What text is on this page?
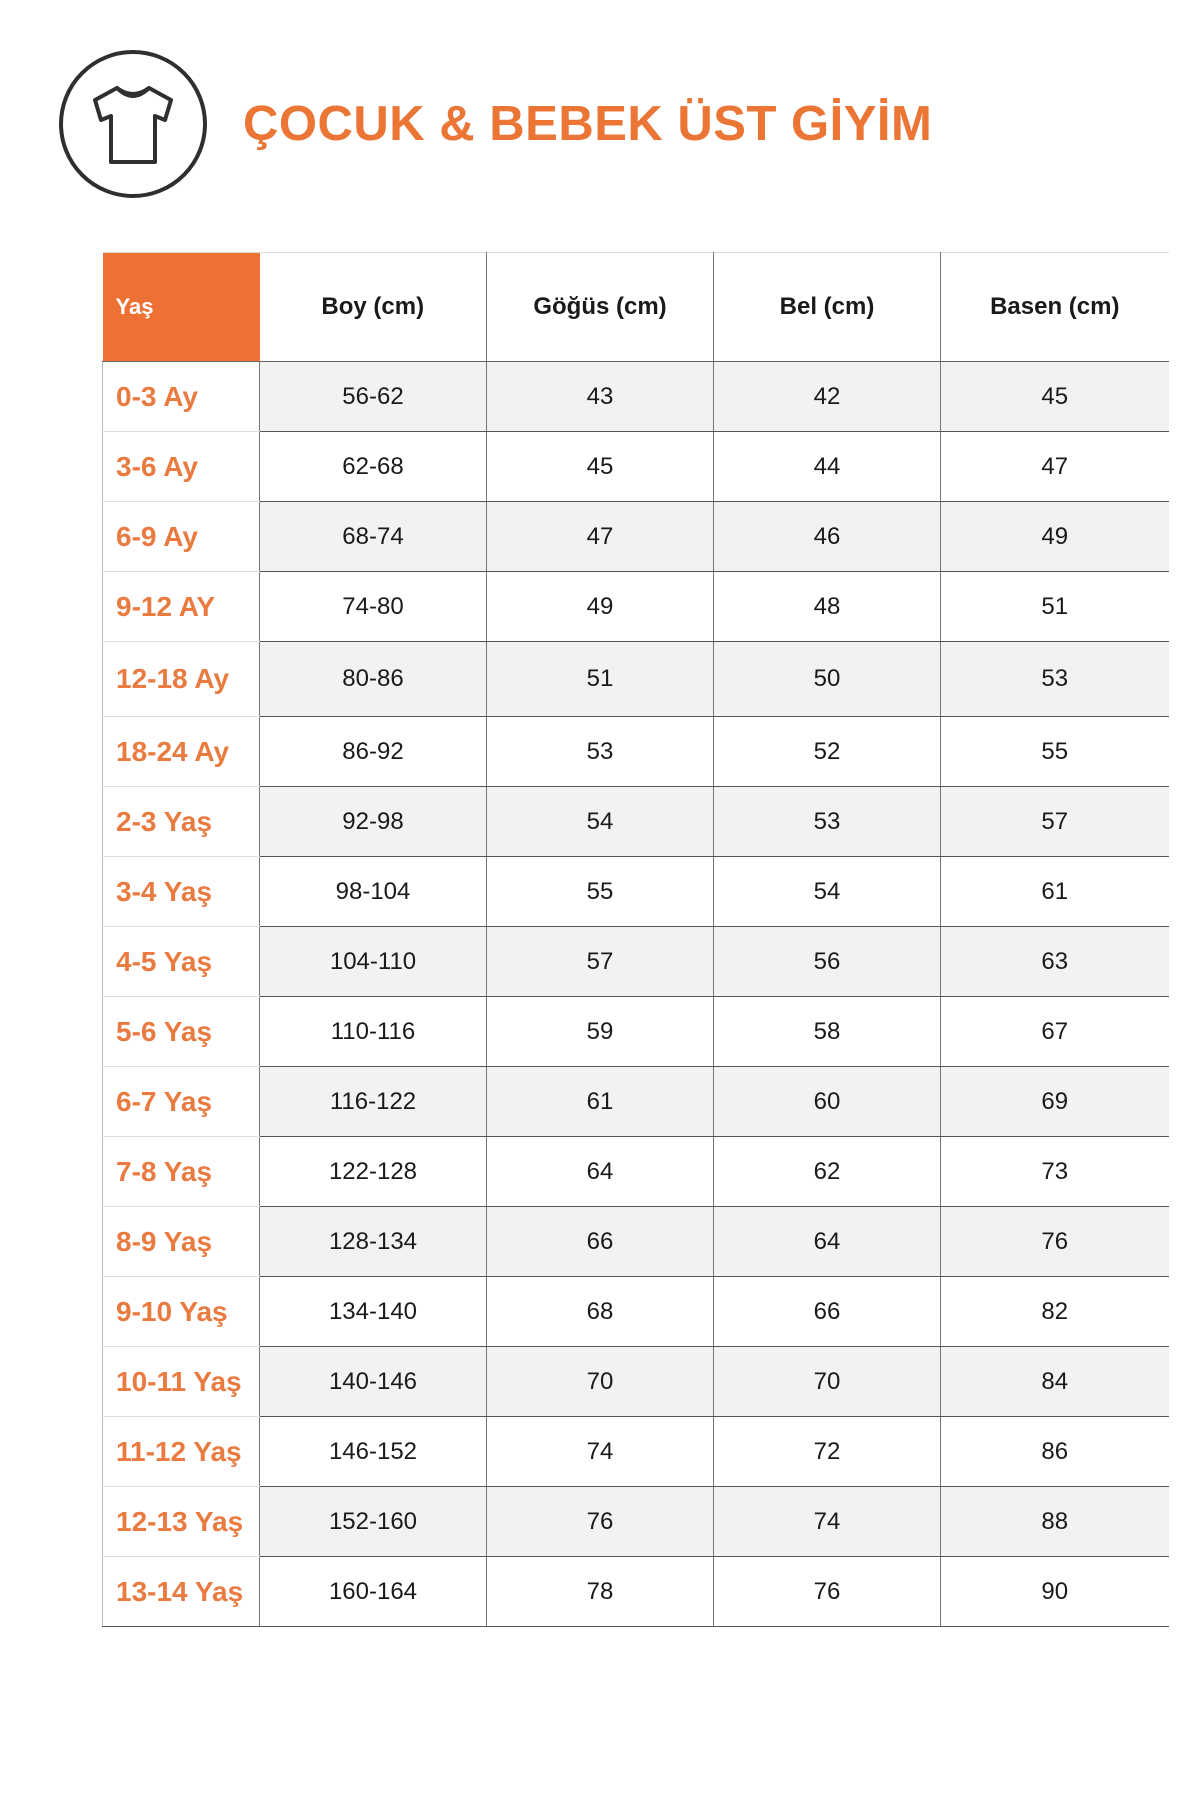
ÇOCUK & BEBEK ÜST GİYİM
Yaş	Boy (cm)	Göğüs (cm)	Bel (cm)	Basen (cm)
0-3 Ay	56-62	43	42	45
3-6 Ay	62-68	45	44	47
6-9 Ay	68-74	47	46	49
9-12 AY	74-80	49	48	51
12-18 Ay	80-86	51	50	53
18-24 Ay	86-92	53	52	55
2-3 Yaş	92-98	54	53	57
3-4 Yaş	98-104	55	54	61
4-5 Yaş	104-110	57	56	63
5-6 Yaş	110-116	59	58	67
6-7 Yaş	116-122	61	60	69
7-8 Yaş	122-128	64	62	73
8-9 Yaş	128-134	66	64	76
9-10 Yaş	134-140	68	66	82
10-11 Yaş	140-146	70	70	84
11-12 Yaş	146-152	74	72	86
12-13 Yaş	152-160	76	74	88
13-14 Yaş	160-164	78	76	90
